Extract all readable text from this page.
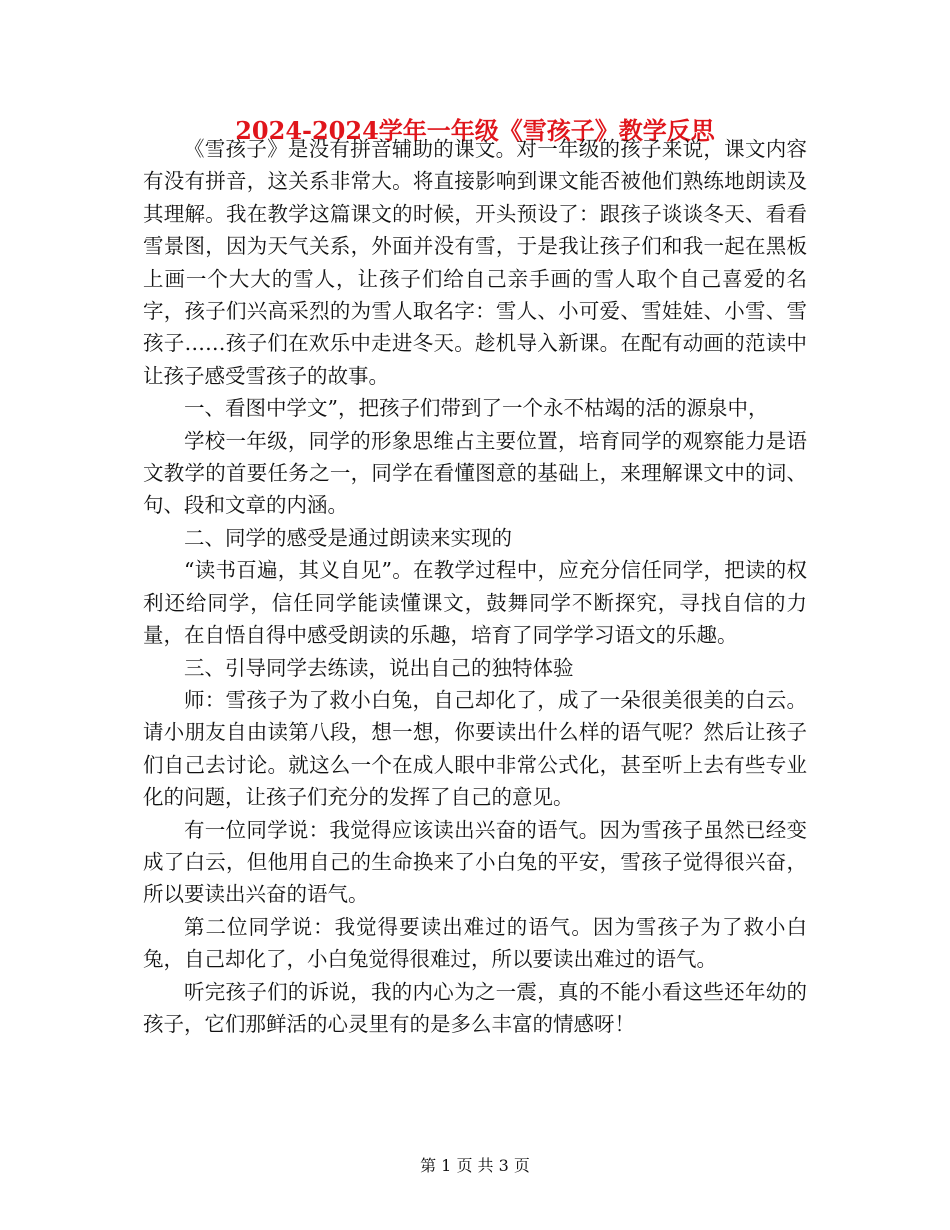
2024-2024学年一年级《雪孩子》教学反思

《雪孩子》是没有拼音辅助的课文。对一年级的孩子来说，课文内容有没有拼音，这关系非常大。将直接影响到课文能否被他们熟练地朗读及其理解。我在教学这篇课文的时候，开头预设了：跟孩子谈谈冬天、看看雪景图，因为天气关系，外面并没有雪，于是我让孩子们和我一起在黑板上画一个大大的雪人，让孩子们给自己亲手画的雪人取个自己喜爱的名字，孩子们兴高采烈的为雪人取名字：雪人、小可爱、雪娃娃、小雪、雪孩子……孩子们在欢乐中走进冬天。趁机导入新课。在配有动画的范读中让孩子感受雪孩子的故事。

一、看图中学文”，把孩子们带到了一个永不枯竭的活的源泉中，

学校一年级，同学的形象思维占主要位置，培育同学的观察能力是语文教学的首要任务之一，同学在看懂图意的基础上，来理解课文中的词、句、段和文章的内涵。

二、同学的感受是通过朗读来实现的

“读书百遍，其义自见”。在教学过程中，应充分信任同学，把读的权利还给同学，信任同学能读懂课文，鼓舞同学不断探究，寻找自信的力量，在自悟自得中感受朗读的乐趣，培育了同学学习语文的乐趣。

三、引导同学去练读，说出自己的独特体验

师：雪孩子为了救小白兔，自己却化了，成了一朵很美很美的白云。请小朋友自由读第八段，想一想，你要读出什么样的语气呢？然后让孩子们自己去讨论。就这么一个在成人眼中非常公式化，甚至听上去有些专业化的问题，让孩子们充分的发挥了自己的意见。

有一位同学说：我觉得应该读出兴奋的语气。因为雪孩子虽然已经变成了白云，但他用自己的生命换来了小白兔的平安，雪孩子觉得很兴奋，所以要读出兴奋的语气。

第二位同学说：我觉得要读出难过的语气。因为雪孩子为了救小白兔，自己却化了，小白兔觉得很难过，所以要读出难过的语气。

听完孩子们的诉说，我的内心为之一震，真的不能小看这些还年幼的孩子，它们那鲜活的心灵里有的是多么丰富的情感呀！

第 1 页 共 3 页
